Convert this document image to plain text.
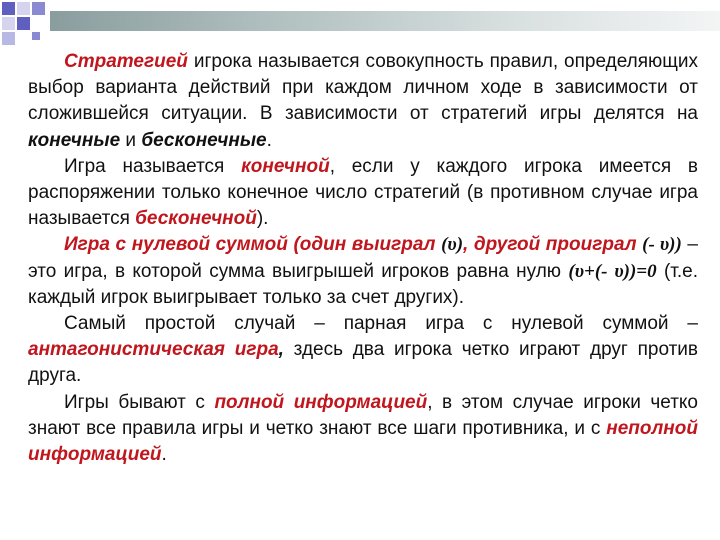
Стратегией игрока называется совокупность правил, определяющих выбор варианта действий при каждом личном ходе в зависимости от сложившейся ситуации. В зависимости от стратегий игры делятся на конечные и бесконечные.

Игра называется конечной, если у каждого игрока имеется в распоряжении только конечное число стратегий (в противном случае игра называется бесконечной).

Игра с нулевой суммой (один выиграл (υ), другой проиграл (- υ)) – это игра, в которой сумма выигрышей игроков равна нулю (υ+(- υ))=0 (т.е. каждый игрок выигрывает только за счет других).

Самый простой случай – парная игра с нулевой суммой – антагонистическая игра, здесь два игрока четко играют друг против друга.

Игры бывают с полной информацией, в этом случае игроки четко знают все правила игры и четко знают все шаги противника, и с неполной информацией.
